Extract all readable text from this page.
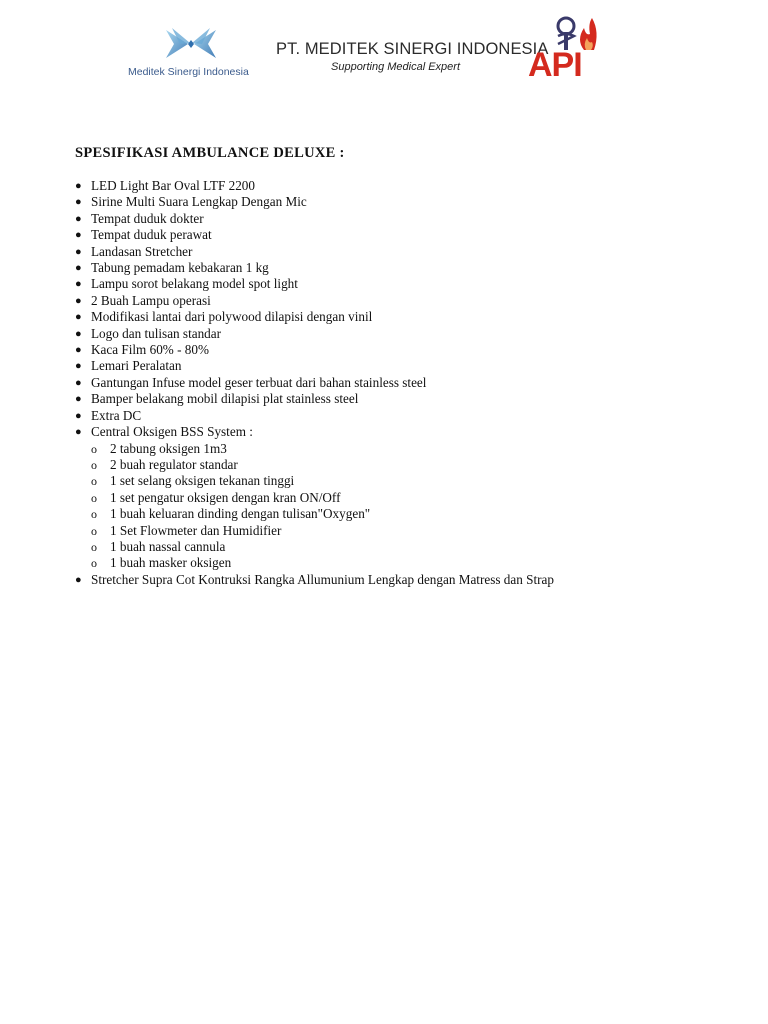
Meditek Sinergi Indonesia
PT. MEDITEK SINERGI INDONESIA
Supporting Medical Expert	API
SPESIFIKASI AMBULANCE DELUXE :
● LED Light Bar Oval LTF 2200
● Sirine Multi Suara Lengkap Dengan Mic
● Tempat duduk dokter
● Tempat duduk perawat
● Landasan Stretcher
● Tabung pemadam kebakaran 1 kg
● Lampu sorot belakang model spot light
● 2 Buah Lampu operasi
● Modifikasi lantai dari polywood dilapisi dengan vinil
● Logo dan tulisan standar
● Kaca Film 60% - 80%
● Lemari Peralatan
● Gantungan Infuse model geser terbuat dari bahan stainless steel
● Bamper belakang mobil dilapisi plat stainless steel
● Extra DC
● Central Oksigen BSS System :
o 2 tabung oksigen 1m3
o 2 buah regulator standar
o 1 set selang oksigen tekanan tinggi
o 1 set pengatur oksigen dengan kran ON/Off
o 1 buah keluaran dinding dengan tulisan"Oxygen"
o 1 Set Flowmeter dan Humidifier
o 1 buah nassal cannula
o 1 buah masker oksigen
● Stretcher Supra Cot Kontruksi Rangka Allumunium Lengkap dengan Matress dan Strap
